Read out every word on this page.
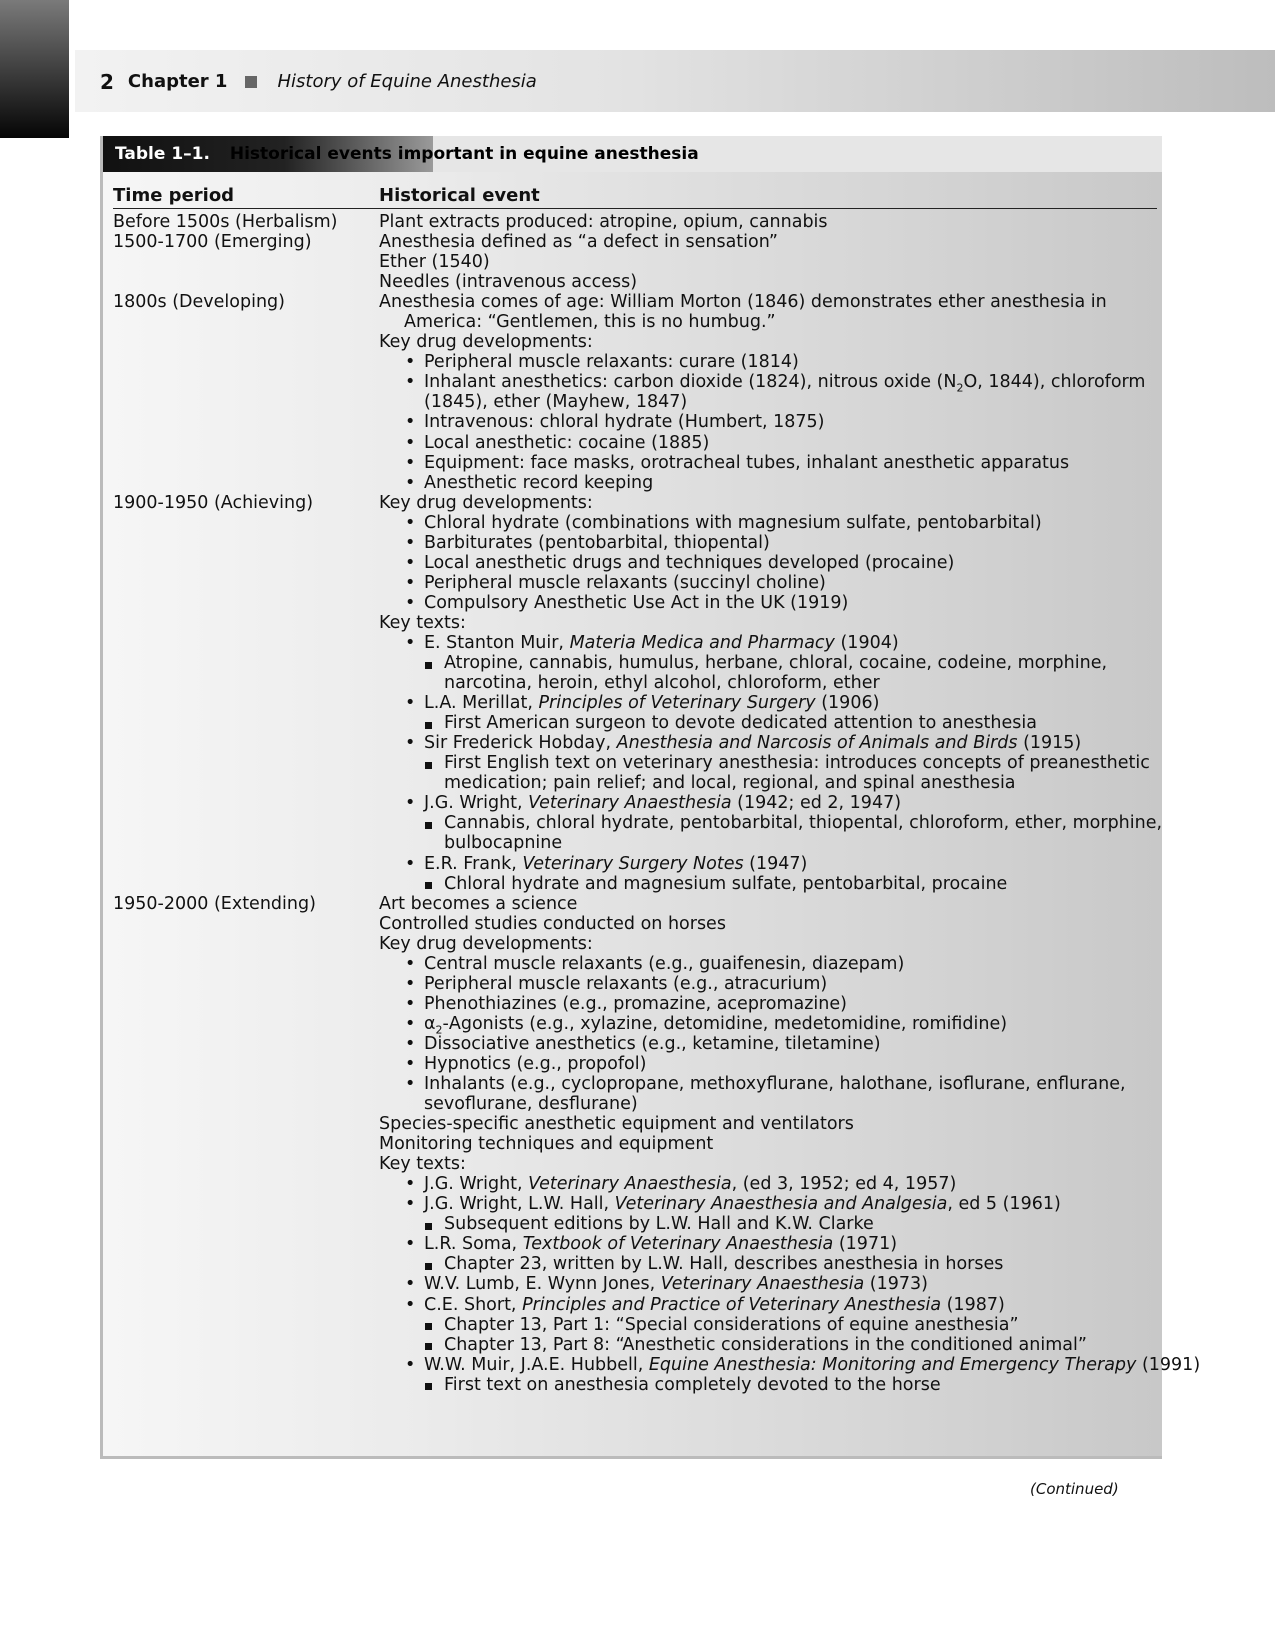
2 Chapter 1	History of Equine Anesthesia
Table 1–1. Historical events important in equine anesthesia
Time period	Historical event
Before 1500s (Herbalism)
1500-1700 (Emerging)
1800s (Developing)
1900-1950 (Achieving)
1950-2000 (Extending)
Plant extracts produced: atropine, opium, cannabis
Anesthesia defined as “a defect in sensation”
Ether (1540)
Needles (intravenous access)
Anesthesia comes of age: William Morton (1846) demonstrates ether anesthesia in
America: “Gentlemen, this is no humbug.”
Key drug developments:
• Peripheral muscle relaxants: curare (1814)
• Inhalant anesthetics: carbon dioxide (1824), nitrous oxide ($N_2O$, 1844), chloroform
(1845), ether (Mayhew, 1847)
• Intravenous: chloral hydrate (Humbert, 1875)
• Local anesthetic: cocaine (1885)
• Equipment: face masks, orotracheal tubes, inhalant anesthetic apparatus
• Anesthetic record keeping
Key drug developments:
• Chloral hydrate (combinations with magnesium sulfate, pentobarbital)
• Barbiturates (pentobarbital, thiopental)
• Local anesthetic drugs and techniques developed (procaine)
• Peripheral muscle relaxants (succinyl choline)
• Compulsory Anesthetic Use Act in the UK (1919)
Key texts:
• E. Stanton Muir, Materia Medica and Pharmacy (1904)
Atropine, cannabis, humulus, herbane, chloral, cocaine, codeine, morphine,
narcotina, heroin, ethyl alcohol, chloroform, ether
• L.A. Merillat, Principles of Veterinary Surgery (1906)
First American surgeon to devote dedicated attention to anesthesia
• Sir Frederick Hobday, Anesthesia and Narcosis of Animals and Birds (1915)
First English text on veterinary anesthesia: introduces concepts of preanesthetic
medication; pain relief; and local, regional, and spinal anesthesia
• J.G. Wright, Veterinary Anaesthesia (1942; ed 2, 1947)
Cannabis, chloral hydrate, pentobarbital, thiopental, chloroform, ether, morphine,
bulbocapnine
• E.R. Frank, Veterinary Surgery Notes (1947)
Chloral hydrate and magnesium sulfate, pentobarbital, procaine
Art becomes a science
Controlled studies conducted on horses
Key drug developments:
• Central muscle relaxants (e.g., guaifenesin, diazepam)
• Peripheral muscle relaxants (e.g., atracurium)
• Phenothiazines (e.g., promazine, acepromazine)
• $\alpha_2$-Agonists (e.g., xylazine, detomidine, medetomidine, romifidine)
• Dissociative anesthetics (e.g., ketamine, tiletamine)
• Hypnotics (e.g., propofol)
• Inhalants (e.g., cyclopropane, methoxyflurane, halothane, isoflurane, enflurane,
sevoflurane, desflurane)
Species-specific anesthetic equipment and ventilators
Monitoring techniques and equipment
Key texts:
• J.G. Wright, Veterinary Anaesthesia, (ed 3, 1952; ed 4, 1957)
• J.G. Wright, L.W. Hall, Veterinary Anaesthesia and Analgesia, ed 5 (1961)
Subsequent editions by L.W. Hall and K.W. Clarke
• L.R. Soma, Textbook of Veterinary Anaesthesia (1971)
Chapter 23, written by L.W. Hall, describes anesthesia in horses
• W.V. Lumb, E. Wynn Jones, Veterinary Anaesthesia (1973)
• C.E. Short, Principles and Practice of Veterinary Anesthesia (1987)
Chapter 13, Part 1: “Special considerations of equine anesthesia”
Chapter 13, Part 8: “Anesthetic considerations in the conditioned animal”
• W.W. Muir, J.A.E. Hubbell, Equine Anesthesia: Monitoring and Emergency Therapy (1991)
First text on anesthesia completely devoted to the horse
(Continued)
